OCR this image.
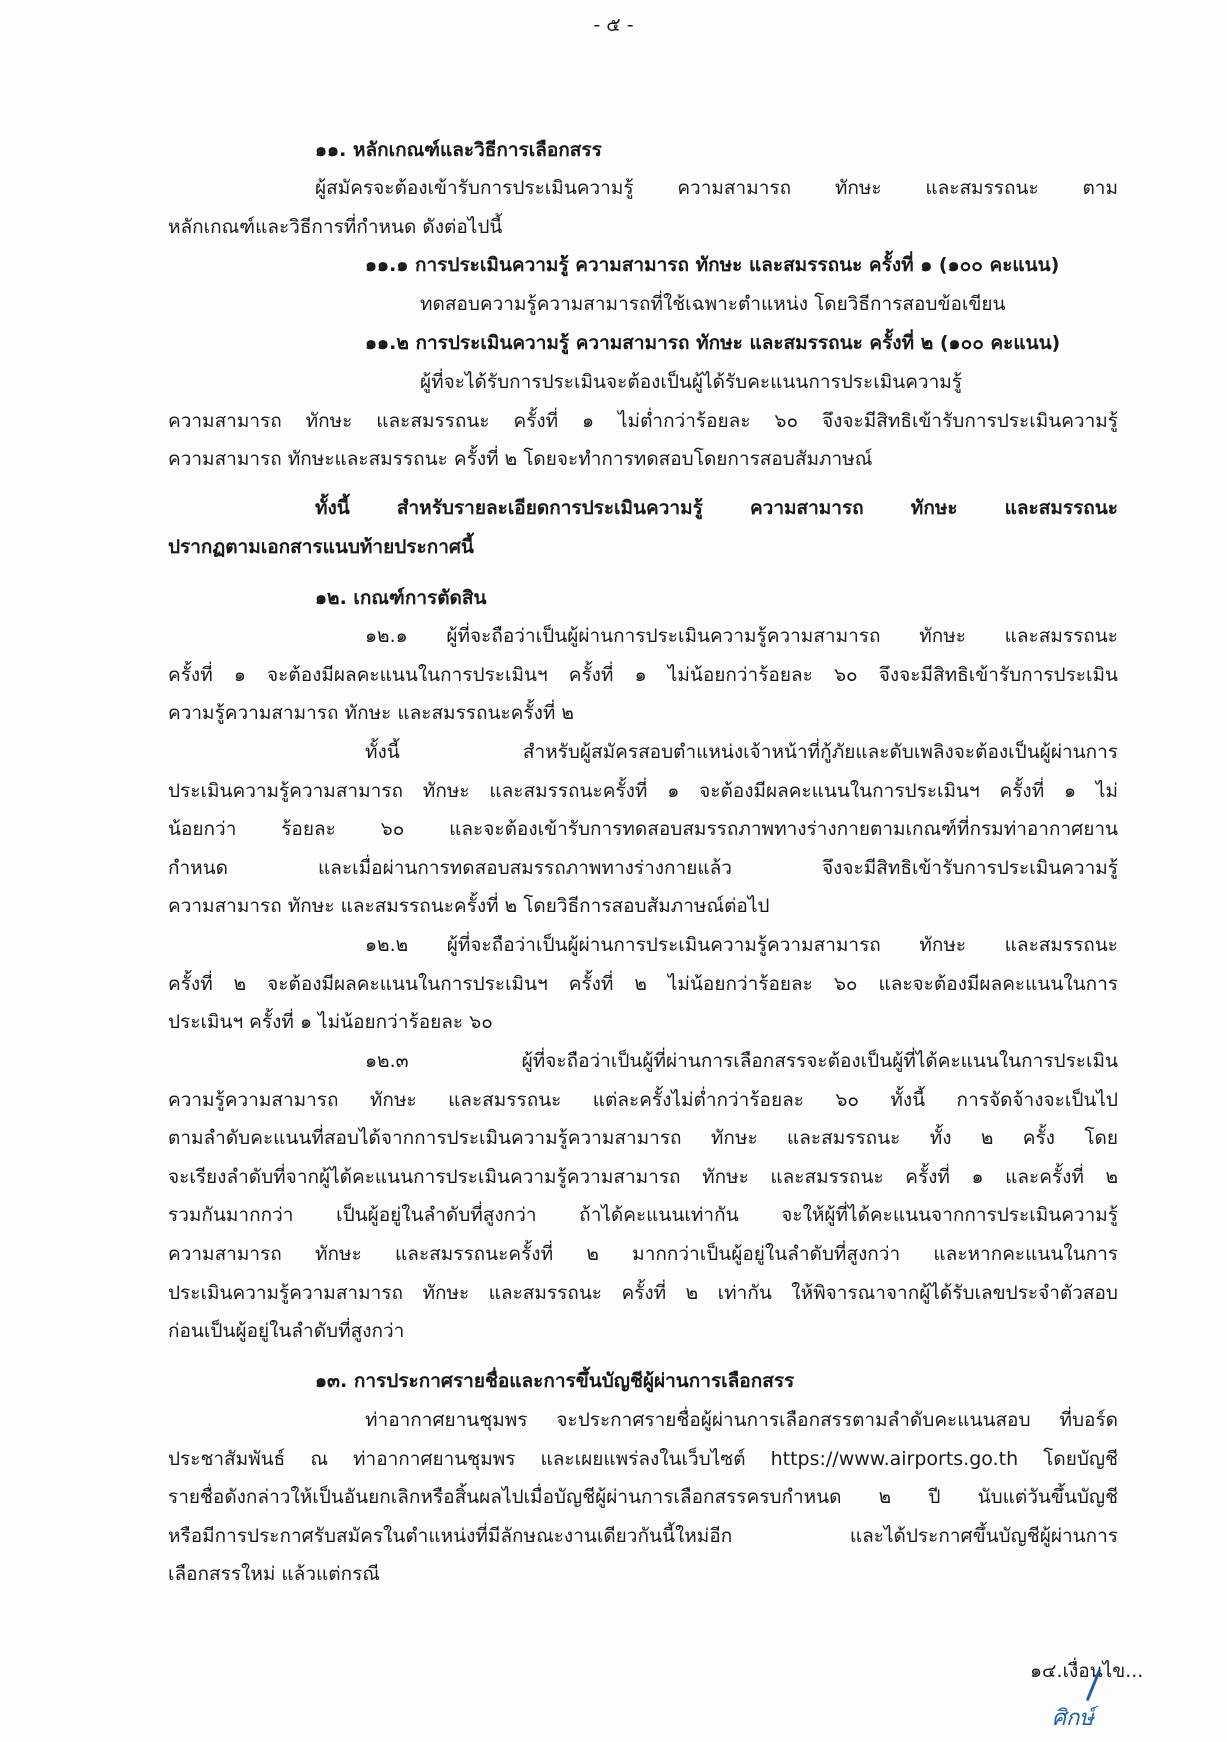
- ๕ -
๑๑. หลักเกณฑ์และวิธีการเลือกสรร
ผู้สมัครจะต้องเข้ารับการประเมินความรู้ ความสามารถ ทักษะ และสมรรถนะ ตาม
หลักเกณฑ์และวิธีการที่กำหนด ดังต่อไปนี้
๑๑.๑ การประเมินความรู้ ความสามารถ ทักษะ และสมรรถนะ ครั้งที่ ๑ (๑๐๐ คะแนน)
ทดสอบความรู้ความสามารถที่ใช้เฉพาะตำแหน่ง โดยวิธีการสอบข้อเขียน
๑๑.๒ การประเมินความรู้ ความสามารถ ทักษะ และสมรรถนะ ครั้งที่ ๒ (๑๐๐ คะแนน)
ผู้ที่จะได้รับการประเมินจะต้องเป็นผู้ได้รับคะแนนการประเมินความรู้
ความสามารถ ทักษะ และสมรรถนะ ครั้งที่ ๑ ไม่ต่ำกว่าร้อยละ ๖๐ จึงจะมีสิทธิเข้ารับการประเมินความรู้
ความสามารถ ทักษะและสมรรถนะ ครั้งที่ ๒ โดยจะทำการทดสอบโดยการสอบสัมภาษณ์
ทั้งนี้ สำหรับรายละเอียดการประเมินความรู้ ความสามารถ ทักษะ และสมรรถนะ
ปรากฏตามเอกสารแนบท้ายประกาศนี้
๑๒. เกณฑ์การตัดสิน
๑๒.๑ ผู้ที่จะถือว่าเป็นผู้ผ่านการประเมินความรู้ความสามารถ ทักษะ และสมรรถนะ
ครั้งที่ ๑ จะต้องมีผลคะแนนในการประเมินฯ ครั้งที่ ๑ ไม่น้อยกว่าร้อยละ ๖๐ จึงจะมีสิทธิเข้ารับการประเมิน
ความรู้ความสามารถ ทักษะ และสมรรถนะครั้งที่ ๒
ทั้งนี้ สำหรับผู้สมัครสอบตำแหน่งเจ้าหน้าที่กู้ภัยและดับเพลิงจะต้องเป็นผู้ผ่านการ
ประเมินความรู้ความสามารถ ทักษะ และสมรรถนะครั้งที่ ๑ จะต้องมีผลคะแนนในการประเมินฯ ครั้งที่ ๑ ไม่
น้อยกว่า ร้อยละ ๖๐ และจะต้องเข้ารับการทดสอบสมรรถภาพทางร่างกายตามเกณฑ์ที่กรมท่าอากาศยาน
กำหนด และเมื่อผ่านการทดสอบสมรรถภาพทางร่างกายแล้ว จึงจะมีสิทธิเข้ารับการประเมินความรู้
ความสามารถ ทักษะ และสมรรถนะครั้งที่ ๒ โดยวิธีการสอบสัมภาษณ์ต่อไป
๑๒.๒ ผู้ที่จะถือว่าเป็นผู้ผ่านการประเมินความรู้ความสามารถ ทักษะ และสมรรถนะ
ครั้งที่ ๒ จะต้องมีผลคะแนนในการประเมินฯ ครั้งที่ ๒ ไม่น้อยกว่าร้อยละ ๖๐ และจะต้องมีผลคะแนนในการ
ประเมินฯ ครั้งที่ ๑ ไม่น้อยกว่าร้อยละ ๖๐
๑๒.๓ ผู้ที่จะถือว่าเป็นผู้ที่ผ่านการเลือกสรรจะต้องเป็นผู้ที่ได้คะแนนในการประเมิน
ความรู้ความสามารถ ทักษะ และสมรรถนะ แต่ละครั้งไม่ต่ำกว่าร้อยละ ๖๐ ทั้งนี้ การจัดจ้างจะเป็นไป
ตามลำดับคะแนนที่สอบได้จากการประเมินความรู้ความสามารถ ทักษะ และสมรรถนะ ทั้ง ๒ ครั้ง โดย
จะเรียงลำดับที่จากผู้ได้คะแนนการประเมินความรู้ความสามารถ ทักษะ และสมรรถนะ ครั้งที่ ๑ และครั้งที่ ๒
รวมกันมากกว่า เป็นผู้อยู่ในลำดับที่สูงกว่า ถ้าได้คะแนนเท่ากัน จะให้ผู้ที่ได้คะแนนจากการประเมินความรู้
ความสามารถ ทักษะ และสมรรถนะครั้งที่ ๒ มากกว่าเป็นผู้อยู่ในลำดับที่สูงกว่า และหากคะแนนในการ
ประเมินความรู้ความสามารถ ทักษะ และสมรรถนะ ครั้งที่ ๒ เท่ากัน ให้พิจารณาจากผู้ได้รับเลขประจำตัวสอบ
ก่อนเป็นผู้อยู่ในลำดับที่สูงกว่า
๑๓. การประกาศรายชื่อและการขึ้นบัญชีผู้ผ่านการเลือกสรร
ท่าอากาศยานชุมพร จะประกาศรายชื่อผู้ผ่านการเลือกสรรตามลำดับคะแนนสอบ ที่บอร์ด
ประชาสัมพันธ์ ณ ท่าอากาศยานชุมพร และเผยแพร่ลงในเว็บไซต์ https://www.airports.go.th โดยบัญชี
รายชื่อดังกล่าวให้เป็นอันยกเลิกหรือสิ้นผลไปเมื่อบัญชีผู้ผ่านการเลือกสรรครบกำหนด ๒ ปี นับแต่วันขึ้นบัญชี
หรือมีการประกาศรับสมัครในตำแหน่งที่มีลักษณะงานเดียวกันนี้ใหม่อีก และได้ประกาศขึ้นบัญชีผู้ผ่านการ
เลือกสรรใหม่ แล้วแต่กรณี
๑๔.เงื่อนไข...
ศิกษ์
